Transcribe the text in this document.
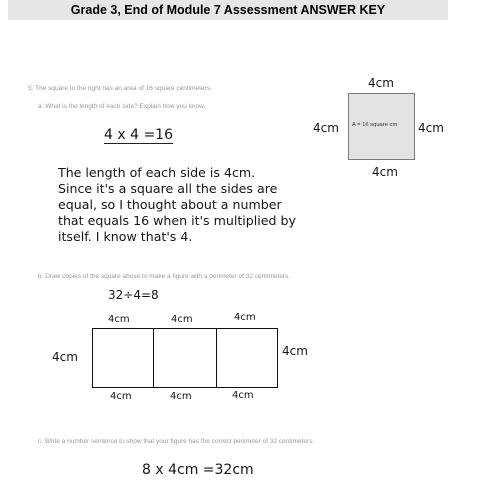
Grade 3, End of Module 7 Assessment ANSWER KEY
5. The square to the right has an area of 16 square centimeters.
a. What is the length of each side? Explain how you know.
4cm
A = 16 square cm
4cm	4cm
4cm
4 x 4 =16
The length of each side is 4cm.
Since it's a square all the sides are
equal, so I thought about a number
that equals 16 when it's multiplied by
itself. I know that's 4.
b. Draw copies of the square above to make a figure with a perimeter of 32 centimeters.
32÷4=8
4cm	4cm	4cm
4cm	4cm
4cm	4cm	4cm
c. Write a number sentence to show that your figure has the correct perimeter of 32 centimeters.
8 x 4cm =32cm
